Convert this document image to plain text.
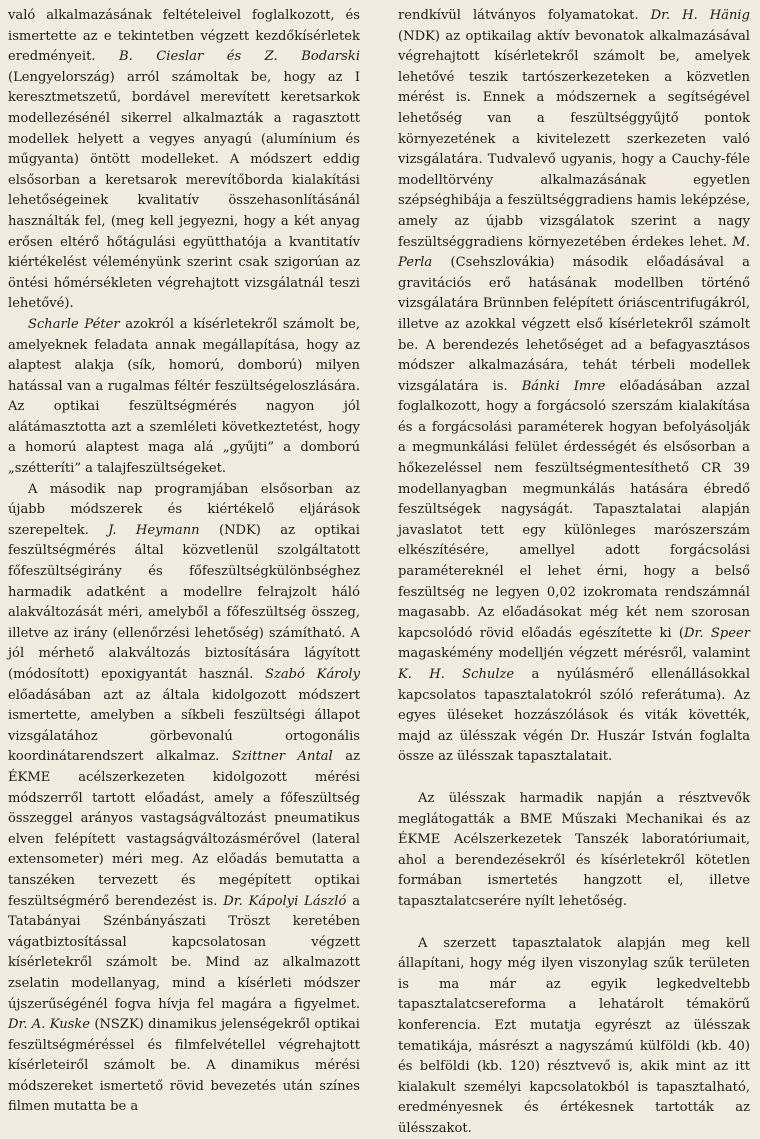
való alkalmazásának feltételeivel foglalkozott, és ismertette az e tekintetben végzett kezdőkísérletek eredményeit. B. Cieslar és Z. Bodarski (Lengyelország) arról számoltak be, hogy az I keresztmetszetű, bordável merevített keretsarkok modellezésénél sikerrel alkalmazták a ragasztott modellek helyett a vegyes anyagú (alumínium és műgyanta) öntött modelleket. A módszert eddig elsősorban a keretsarok merevítőborda kialakítási lehetőségeinek kvalitatív összehasonlításánál használták fel, (meg kell jegyezni, hogy a két anyag erősen eltérő hőtágulási együtthatója a kvantitatív kiértékelést véleményünk szerint csak szigorúan az öntési hőmérsékleten végrehajtott vizsgálatnál teszi lehetővé).

Scharle Péter azokról a kísérletekről számolt be, amelyeknek feladata annak megállapítása, hogy az alaptest alakja (sík, homorú, domború) milyen hatással van a rugalmas féltér feszültségeloszlására. Az optikai feszültségmérés nagyon jól alátámasztotta azt a szemléleti következtetést, hogy a homorú alaptest maga alá „gyűjti” a domború „szétteríti” a talajfeszültségeket.

A második nap programjában elsősorban az újabb módszerek és kiértékelő eljárások szerepeltek. J. Heymann (NDK) az optikai feszültségmérés által közvetlenül szolgáltatott főfeszültségirány és főfeszültségkülönbséghez harmadik adatként a modellre felrajzolt háló alakváltozását méri, amelyből a főfeszültség összeg, illetve az irány (ellenőrzési lehetőség) számítható. A jól mérhető alakváltozás biztosítására lágyított (módosított) epoxigyantát használ. Szabó Károly előadásában azt az általa kidolgozott módszert ismertette, amelyben a síkbeli feszültségi állapot vizsgálatához görbevonalú ortogonális koordinátarendszert alkalmaz. Szittner Antal az ÉKME acélszerkezeten kidolgozott mérési módszerről tartott előadást, amely a főfeszültség összeggel arányos vastagságváltozást pneumatikus elven felépített vastagságváltozásmérővel (lateral extensometer) méri meg. Az előadás bemutatta a tanszéken tervezett és megépített optikai feszültségmérő berendezést is. Dr. Kápolyi László a Tatabányai Szénbányászati Tröszt keretében vágatbiztosítással kapcsolatosan végzett kísérletekről számolt be. Mind az alkalmazott zselatin modellanyag, mind a kísérleti módszer újszerűségénél fogva hívja fel magára a figyelmet. Dr. A. Kuske (NSZK) dinamikus jelenségekről optikai feszültségméréssel és filmfelvétellel végrehajtott kísérleteiről számolt be. A dinamikus mérési módszereket ismertető rövid bevezetés után színes filmen mutatta be a

rendkívül látványos folyamatokat. Dr. H. Hänig (NDK) az optikailag aktív bevonatok alkalmazásával végrehajtott kísérletekről számolt be, amelyek lehetővé teszik tartószerkezeteken a közvetlen mérést is. Ennek a módszernek a segítségével lehetőség van a feszültséggyűjtő pontok környezetének a kivitelezett szerkezeten való vizsgálatára. Tudvalevő ugyanis, hogy a Cauchy-féle modelltörvény alkalmazásának egyetlen szépséghibája a feszültséggradiens hamis leképzése, amely az újabb vizsgálatok szerint a nagy feszültséggradiens környezetében érdekes lehet. M. Perla (Csehszlovákia) második előadásával a gravitációs erő hatásának modellben történő vizsgálatára Brünnben felépített óriáscentrifugákról, illetve az azokkal végzett első kísérletekről számolt be. A berendezés lehetőséget ad a befagyasztásos módszer alkalmazására, tehát térbeli modellek vizsgálatára is. Bánki Imre előadásában azzal foglalkozott, hogy a forgácsoló szerszám kialakítása és a forgácsolási paraméterek hogyan befolyásolják a megmunkálási felület érdességét és elsősorban a hőkezeléssel nem feszültségmentesíthető CR 39 modellanyagban megmunkálás hatására ébredő feszültségek nagyságát. Tapasztalatai alapján javaslatot tett egy különleges marószerszám elkészítésére, amellyel adott forgácsolási paramétereknél el lehet érni, hogy a belső feszültség ne legyen 0,02 izokromata rendszámnál magasabb. Az előadásokat még két nem szorosan kapcsolódó rövid előadás egészítette ki (Dr. Speer magaskémény modelljén végzett mérésről, valamint K. H. Schulze a nyúlásmérő ellenállásokkal kapcsolatos tapasztalatokról szóló referátuma). Az egyes üléseket hozzászólások és viták követték, majd az ülésszak végén Dr. Huszár István foglalta össze az ülésszak tapasztalatait.

Az ülésszak harmadik napján a résztvevők meglátogatták a BME Műszaki Mechanikai és az ÉKME Acélszerkezetek Tanszék laboratóriumait, ahol a berendezésekről és kísérletekről kötetlen formában ismertetés hangzott el, illetve tapasztalatcserére nyílt lehetőség.

A szerzett tapasztalatok alapján meg kell állapítani, hogy még ilyen viszonylag szűk területen is ma már az egyik legkedveltebb tapasztalatcsereforma a lehatárolt témakörű konferencia. Ezt mutatja egyrészt az ülésszak tematikája, másrészt a nagyszámú külföldi (kb. 40) és belföldi (kb. 120) résztvevő is, akik mint az itt kialakult személyi kapcsolatokból is tapasztalható, eredményesnek és értékesnek tartották az ülésszakot.
